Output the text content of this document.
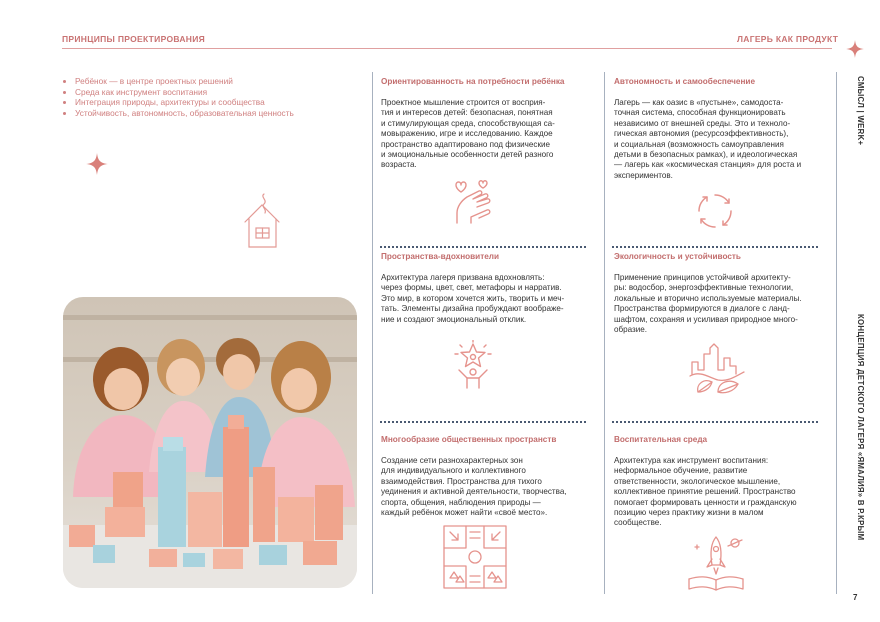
ПРИНЦИПЫ ПРОЕКТИРОВАНИЯ	ЛАГЕРЬ КАК ПРОДУКТ
• Ребёнок — в центре проектных решений
• Среда как инструмент воспитания
• Интеграция природы, архитектуры и сообщества
• Устойчивость, автономность, образовательная ценность
Ориентированность на потребности ребёнка
Проектное мышление строится от восприя-
тия и интересов детей: безопасная, понятная
и стимулирующая среда, способствующая са-
мовыражению, игре и исследованию. Каждое
пространство адаптировано под физические
и эмоциональные особенности детей разного
возраста.
Автономность и самообеспечение
Лагерь — как оазис в «пустыне», самодоста-
точная система, способная функционировать
независимо от внешней среды. Это и техноло-
гическая автономия (ресурсоэффективность),
и социальная (возможность самоуправления
детьми в безопасных рамках), и идеологическая
— лагерь как «космическая станция» для роста и
экспериментов.
Пространства-вдохновители
Архитектура лагеря призвана вдохновлять:
через формы, цвет, свет, метафоры и нарратив.
Это мир, в котором хочется жить, творить и меч-
тать. Элементы дизайна пробуждают воображе-
ние и создают эмоциональный отклик.
Экологичность и устойчивость
Применение принципов устойчивой архитекту-
ры: водосбор, энергоэффективные технологии,
локальные и вторично используемые материалы.
Пространства формируются в диалоге с ланд-
шафтом, сохраняя и усиливая природное много-
образие.
Многообразие общественных пространств
Создание сети разнохарактерных зон
для индивидуального и коллективного
взаимодействия. Пространства для тихого
уединения и активной деятельности, творчества,
спорта, общения, наблюдения природы —
каждый ребёнок может найти «своё место».
Воспитательная среда
Архитектура как инструмент воспитания:
неформальное обучение, развитие
ответственности, экологическое мышление,
коллективное принятие решений. Пространство
помогает формировать ценности и гражданскую
позицию через практику жизни в малом
сообществе.
СМЫСЛ | WERK+
КОНЦЕПЦИЯ ДЕТСКОГО ЛАГЕРЯ «ЯМАЛИЯ» В Р.КРЫМ
7
